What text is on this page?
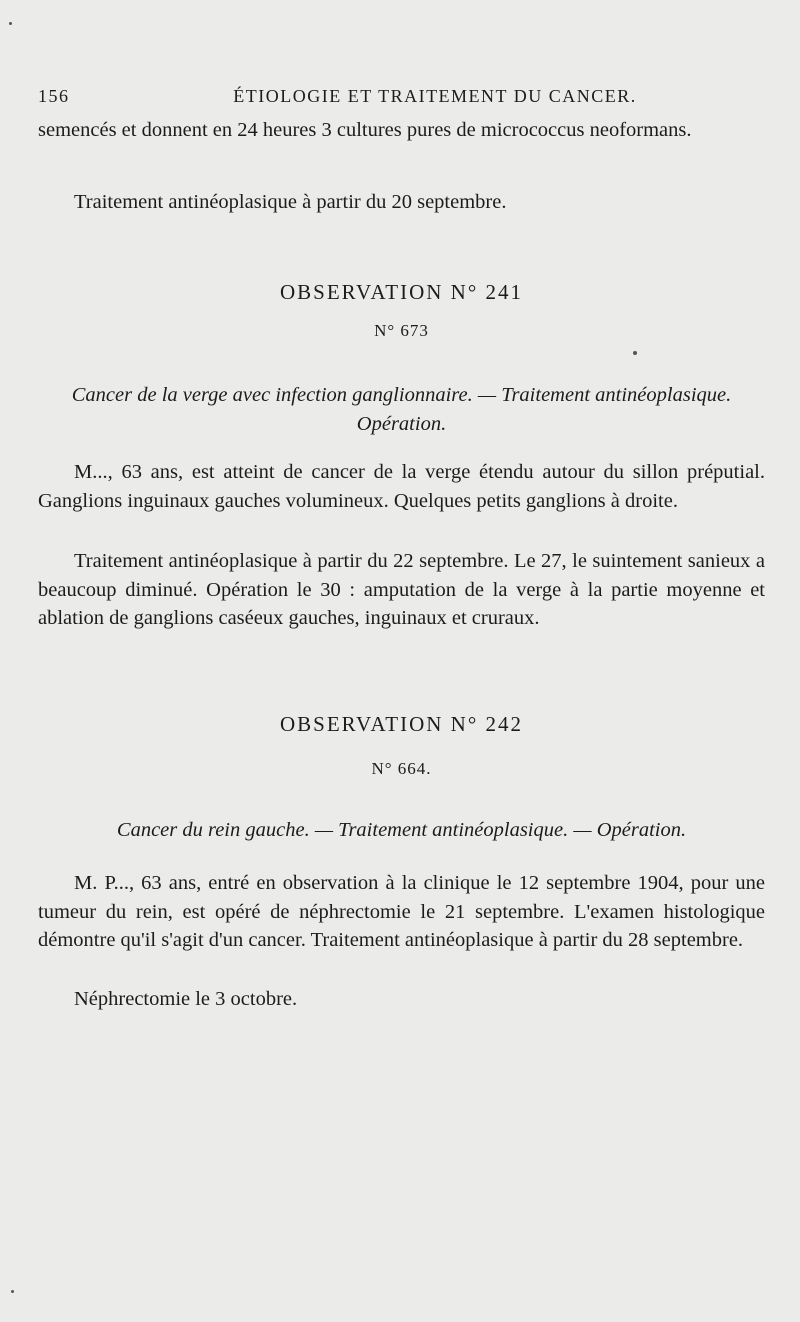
156	ÉTIOLOGIE ET TRAITEMENT DU CANCER.

semencés et donnent en 24 heures 3 cultures pures de micrococcus neoformans.

Traitement antinéoplasique à partir du 20 septembre.

OBSERVATION N° 241
N° 673
Cancer de la verge avec infection ganglionnaire. — Traitement antinéoplasique.
Opération.

M..., 63 ans, est atteint de cancer de la verge étendu autour du sillon préputial. Ganglions inguinaux gauches volumineux. Quelques petits ganglions à droite.

Traitement antinéoplasique à partir du 22 septembre. Le 27, le suintement sanieux a beaucoup diminué. Opération le 30 : amputation de la verge à la partie moyenne et ablation de ganglions caséeux gauches, inguinaux et cruraux.

OBSERVATION N° 242
N° 664.
Cancer du rein gauche. — Traitement antinéoplasique. — Opération.

M. P..., 63 ans, entré en observation à la clinique le 12 septembre 1904, pour une tumeur du rein, est opéré de néphrectomie le 21 septembre. L'examen histologique démontre qu'il s'agit d'un cancer. Traitement antinéoplasique à partir du 28 septembre.

Néphrectomie le 3 octobre.
